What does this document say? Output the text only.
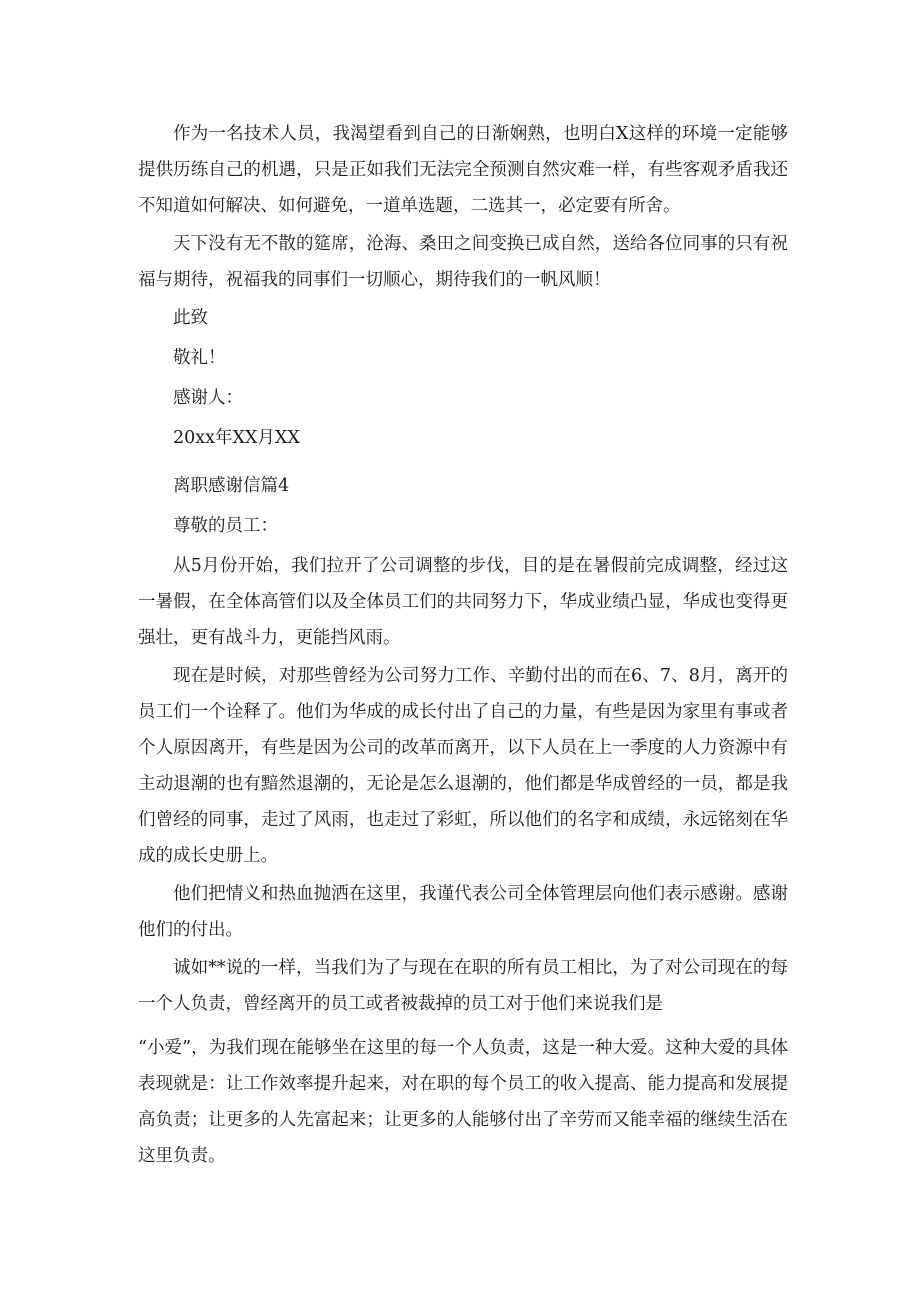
作为一名技术人员，我渴望看到自己的日渐娴熟，也明白X这样的环境一定能够提供历练自己的机遇，只是正如我们无法完全预测自然灾难一样，有些客观矛盾我还不知道如何解决、如何避免，一道单选题，二选其一，必定要有所舍。

天下没有无不散的筵席，沧海、桑田之间变换已成自然，送给各位同事的只有祝福与期待，祝福我的同事们一切顺心，期待我们的一帆风顺！

此致
敬礼！
感谢人：
20xx年XX月XX
离职感谢信篇4
尊敬的员工：

从5月份开始，我们拉开了公司调整的步伐，目的是在暑假前完成调整，经过这一暑假，在全体高管们以及全体员工们的共同努力下，华成业绩凸显，华成也变得更强壮，更有战斗力，更能挡风雨。

现在是时候，对那些曾经为公司努力工作、辛勤付出的而在6、7、8月，离开的员工们一个诠释了。他们为华成的成长付出了自己的力量，有些是因为家里有事或者个人原因离开，有些是因为公司的改革而离开，以下人员在上一季度的人力资源中有主动退潮的也有黯然退潮的，无论是怎么退潮的，他们都是华成曾经的一员，都是我们曾经的同事，走过了风雨，也走过了彩虹，所以他们的名字和成绩，永远铭刻在华成的成长史册上。

他们把情义和热血抛洒在这里，我谨代表公司全体管理层向他们表示感谢。感谢他们的付出。

诚如**说的一样，当我们为了与现在在职的所有员工相比，为了对公司现在的每一个人负责，曾经离开的员工或者被裁掉的员工对于他们来说我们是

“小爱”，为我们现在能够坐在这里的每一个人负责，这是一种大爱。这种大爱的具体表现就是：让工作效率提升起来，对在职的每个员工的收入提高、能力提高和发展提高负责；让更多的人先富起来；让更多的人能够付出了辛劳而又能幸福的继续生活在这里负责。
